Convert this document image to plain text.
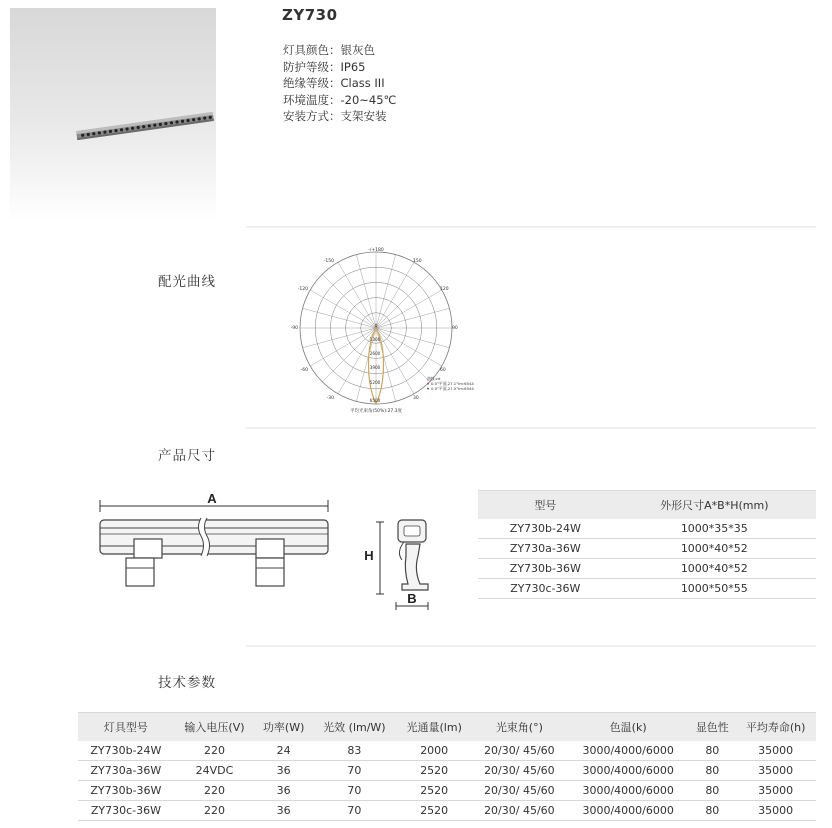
ZY730
灯具颜色：银灰色
防护等级：IP65
绝缘等级：Class III
环境温度：-20~45℃
安装方式：支架安装
配光曲线
-/+180
0
-150
-120
-90
-60
-30
150
120
90
60
30
1300
2600
3900
5200
6500
曲线:cd
0.0°平面,27.1°Im:6544
0.0°平面,27.5°Im:6544
平均光束角(50%):27.3度
产品尺寸
A
H
B
型号	外形尺寸A*B*H(mm)
ZY730b-24W	1000*35*35
ZY730a-36W	1000*40*52
ZY730b-36W	1000*40*52
ZY730c-36W	1000*50*55
技术参数
灯具型号	输入电压(V)	功率(W)	光效 (lm/W)	光通量(lm)	光束角(°)	色温(k)	显色性	平均寿命(h)
ZY730b-24W	220	24	83	2000	20/30/ 45/60	3000/4000/6000	80	35000
ZY730a-36W	24VDC	36	70	2520	20/30/ 45/60	3000/4000/6000	80	35000
ZY730b-36W	220	36	70	2520	20/30/ 45/60	3000/4000/6000	80	35000
ZY730c-36W	220	36	70	2520	20/30/ 45/60	3000/4000/6000	80	35000
